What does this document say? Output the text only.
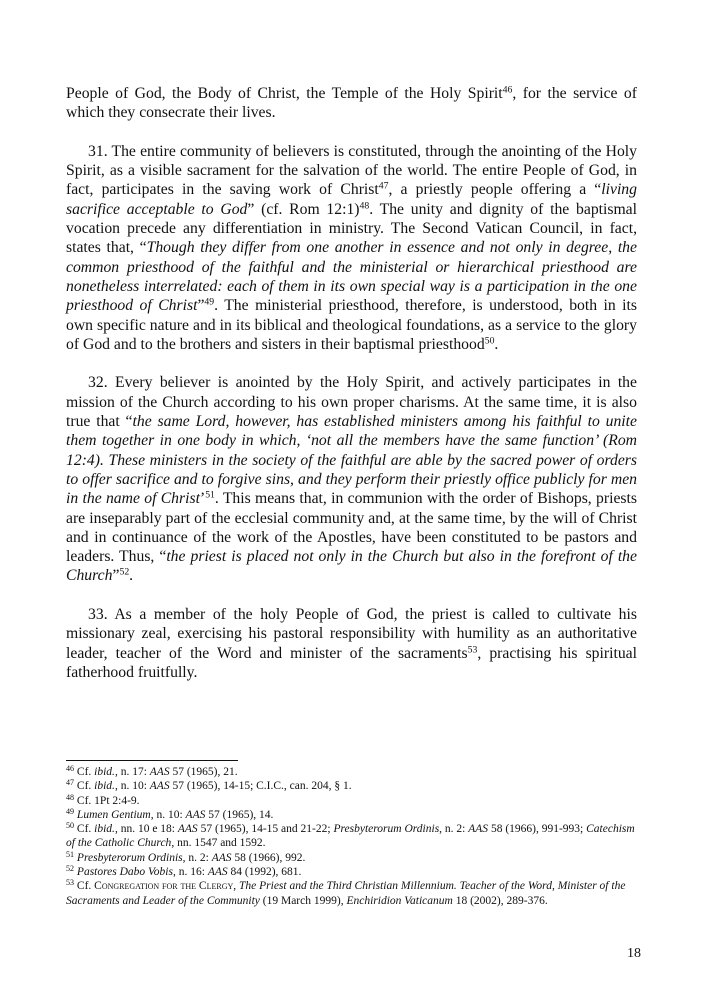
People of God, the Body of Christ, the Temple of the Holy Spirit$^{46}$, for the service of which they consecrate their lives.

31. The entire community of believers is constituted, through the anointing of the Holy Spirit, as a visible sacrament for the salvation of the world. The entire People of God, in fact, participates in the saving work of Christ$^{47}$, a priestly people offering a “living sacrifice acceptable to God” (cf. Rom 12:1)$^{48}$. The unity and dignity of the baptismal vocation precede any differentiation in ministry. The Second Vatican Council, in fact, states that, “Though they differ from one another in essence and not only in degree, the common priesthood of the faithful and the ministerial or hierarchical priesthood are nonetheless interrelated: each of them in its own special way is a participation in the one priesthood of Christ”$^{49}$. The ministerial priesthood, therefore, is understood, both in its own specific nature and in its biblical and theological foundations, as a service to the glory of God and to the brothers and sisters in their baptismal priesthood$^{50}$.

32. Every believer is anointed by the Holy Spirit, and actively participates in the mission of the Church according to his own proper charisms. At the same time, it is also true that “the same Lord, however, has established ministers among his faithful to unite them together in one body in which, ‘not all the members have the same function’ (Rom 12:4). These ministers in the society of the faithful are able by the sacred power of orders to offer sacrifice and to forgive sins, and they perform their priestly office publicly for men in the name of Christ’$^{51}$. This means that, in communion with the order of Bishops, priests are inseparably part of the ecclesial community and, at the same time, by the will of Christ and in continuance of the work of the Apostles, have been constituted to be pastors and leaders. Thus, “the priest is placed not only in the Church but also in the forefront of the Church”$^{52}$.

33. As a member of the holy People of God, the priest is called to cultivate his missionary zeal, exercising his pastoral responsibility with humility as an authoritative leader, teacher of the Word and minister of the sacraments$^{53}$, practising his spiritual fatherhood fruitfully.

$^{46}$ Cf. ibid., n. 17: AAS 57 (1965), 21.

$^{47}$ Cf. ibid., n. 10: AAS 57 (1965), 14-15; C.I.C., can. 204, § 1.

$^{48}$ Cf. 1Pt 2:4-9.

$^{49}$ Lumen Gentium, n. 10: AAS 57 (1965), 14.

$^{50}$ Cf. ibid., nn. 10 e 18: AAS 57 (1965), 14-15 and 21-22; Presbyterorum Ordinis, n. 2: AAS 58 (1966), 991-993; Catechism of the Catholic Church, nn. 1547 and 1592.

$^{51}$ Presbyterorum Ordinis, n. 2: AAS 58 (1966), 992.

$^{52}$ Pastores Dabo Vobis, n. 16: AAS 84 (1992), 681.

$^{53}$ Cf. Congregation for the Clergy, The Priest and the Third Christian Millennium. Teacher of the Word, Minister of the Sacraments and Leader of the Community (19 March 1999), Enchiridion Vaticanum 18 (2002), 289-376.

18
